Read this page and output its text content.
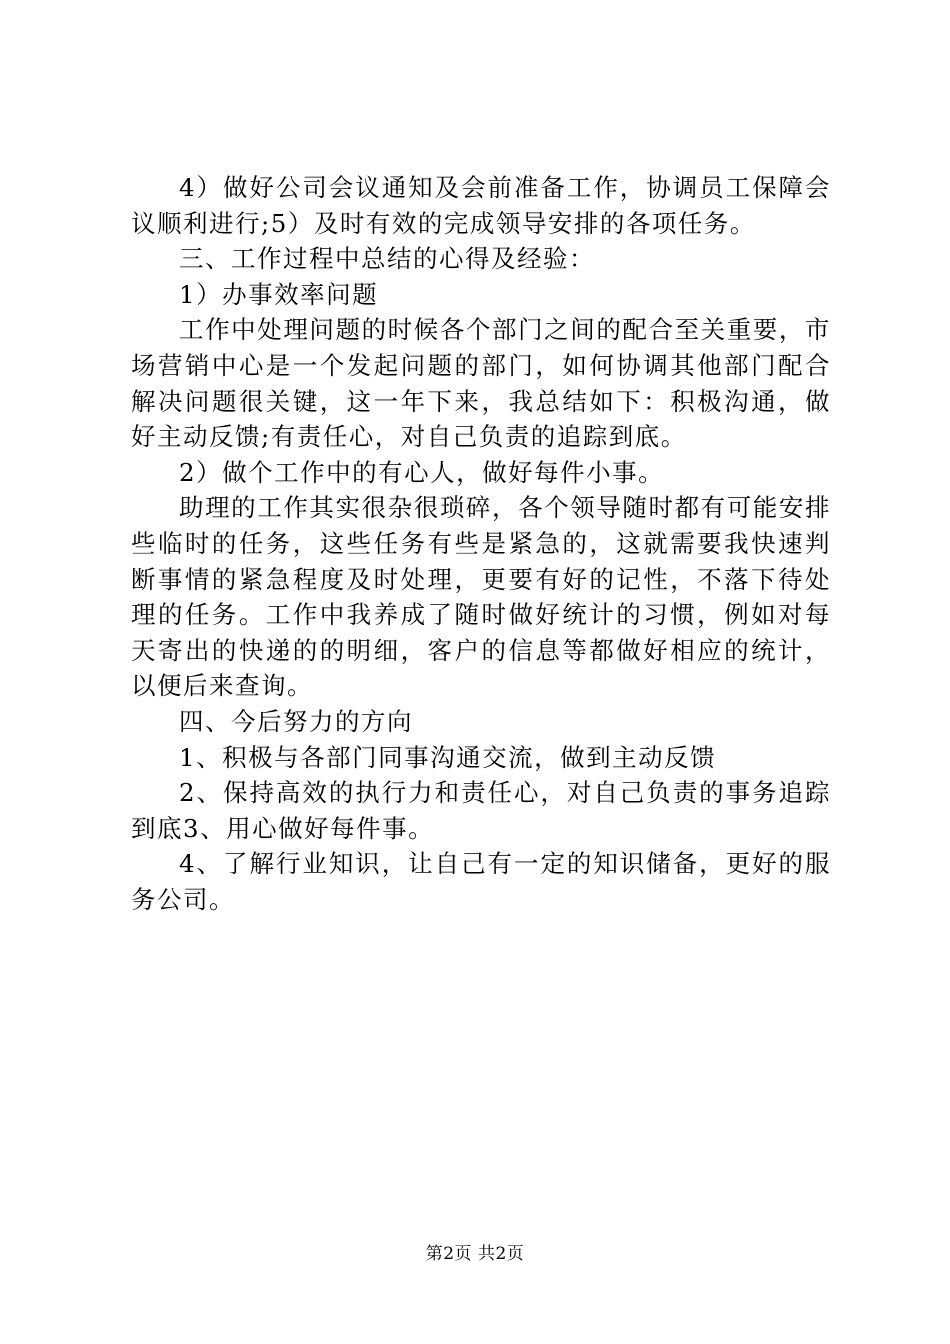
4）做好公司会议通知及会前准备工作，协调员工保障会议顺利进行;5）及时有效的完成领导安排的各项任务。

三、工作过程中总结的心得及经验：

1）办事效率问题

工作中处理问题的时候各个部门之间的配合至关重要，市场营销中心是一个发起问题的部门，如何协调其他部门配合解决问题很关键，这一年下来，我总结如下：积极沟通，做好主动反馈;有责任心，对自己负责的追踪到底。

2）做个工作中的有心人，做好每件小事。

助理的工作其实很杂很琐碎，各个领导随时都有可能安排些临时的任务，这些任务有些是紧急的，这就需要我快速判断事情的紧急程度及时处理，更要有好的记性，不落下待处理的任务。工作中我养成了随时做好统计的习惯，例如对每天寄出的快递的的明细，客户的信息等都做好相应的统计，以便后来查询。

四、今后努力的方向

1、积极与各部门同事沟通交流，做到主动反馈

2、保持高效的执行力和责任心，对自己负责的事务追踪到底3、用心做好每件事。

4、了解行业知识，让自己有一定的知识储备，更好的服务公司。

第2页 共2页
